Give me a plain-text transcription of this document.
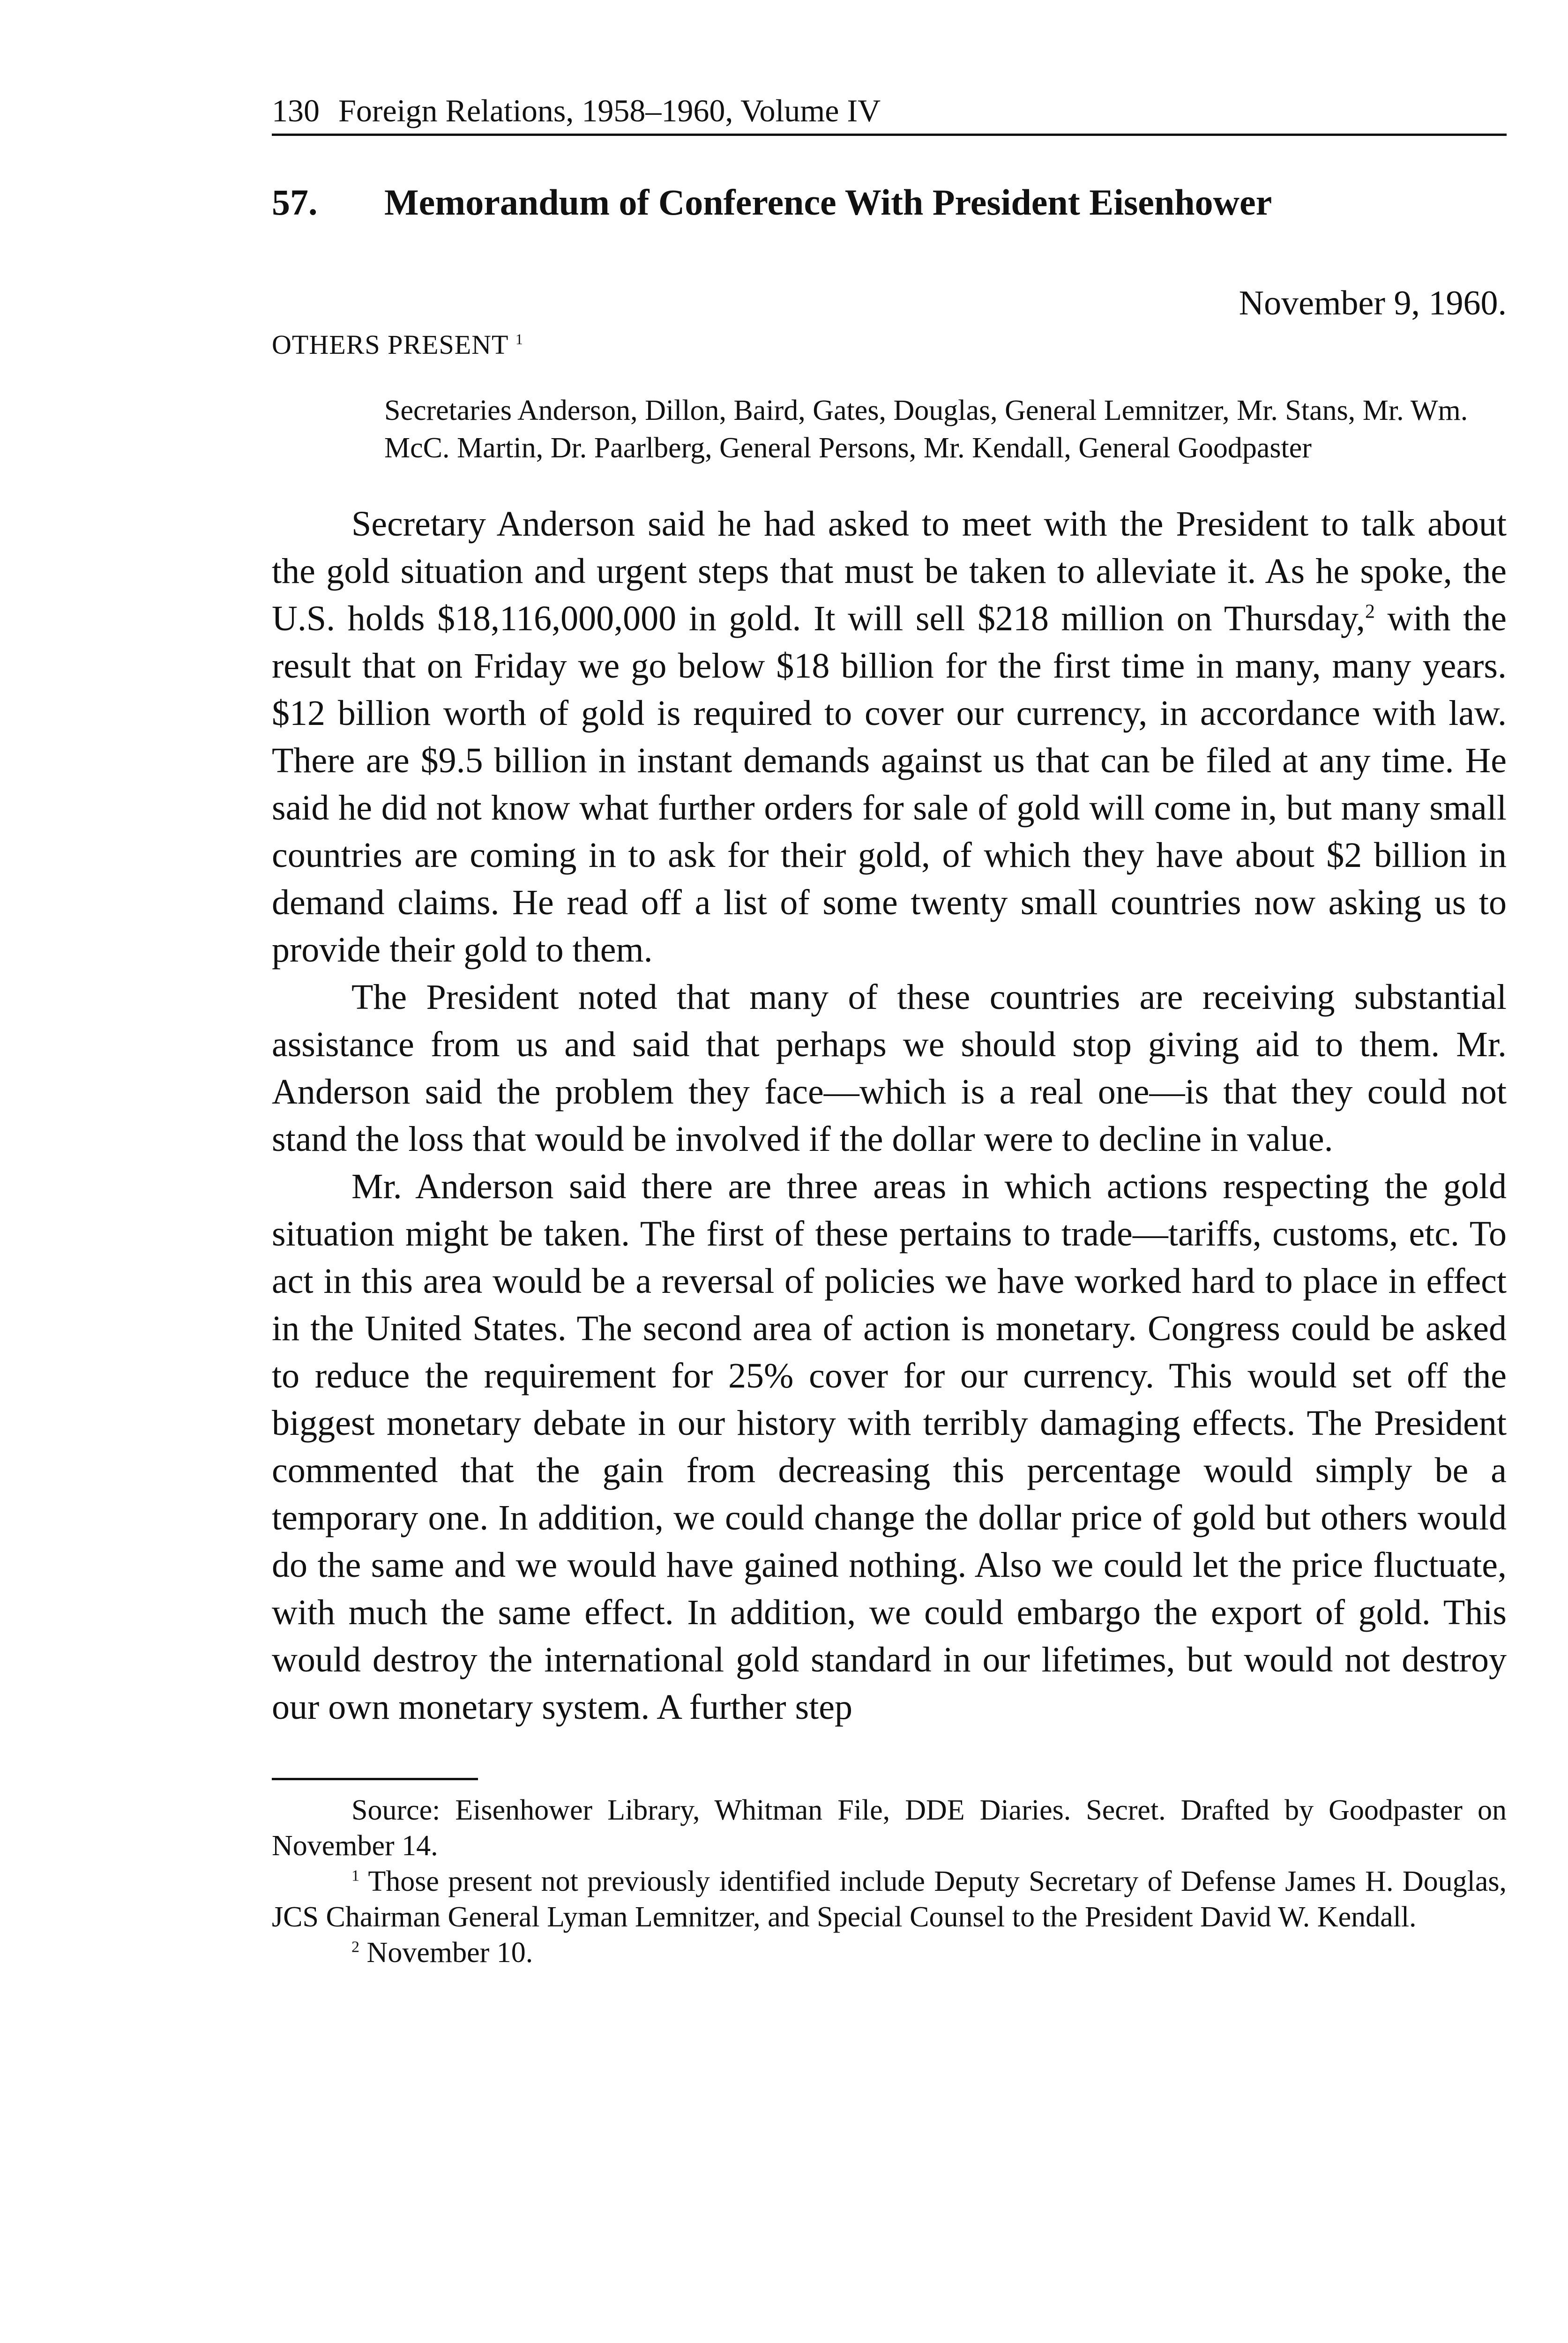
130 Foreign Relations, 1958–1960, Volume IV
57.	Memorandum of Conference With President Eisenhower
November 9, 1960.
OTHERS PRESENT $^1$
Secretaries Anderson, Dillon, Baird, Gates, Douglas, General Lemnitzer, Mr. Stans, Mr. Wm. McC. Martin, Dr. Paarlberg, General Persons, Mr. Kendall, General Goodpaster

Secretary Anderson said he had asked to meet with the President to talk about the gold situation and urgent steps that must be taken to alleviate it. As he spoke, the U.S. holds $18,116,000,000 in gold. It will sell $218 million on Thursday,$^2$ with the result that on Friday we go below $18 billion for the first time in many, many years. $12 billion worth of gold is required to cover our currency, in accordance with law. There are $9.5 billion in instant demands against us that can be filed at any time. He said he did not know what further orders for sale of gold will come in, but many small countries are coming in to ask for their gold, of which they have about $2 billion in demand claims. He read off a list of some twenty small countries now asking us to provide their gold to them.

The President noted that many of these countries are receiving substantial assistance from us and said that perhaps we should stop giving aid to them. Mr. Anderson said the problem they face—which is a real one—is that they could not stand the loss that would be involved if the dollar were to decline in value.

Mr. Anderson said there are three areas in which actions respecting the gold situation might be taken. The first of these pertains to trade—tariffs, customs, etc. To act in this area would be a reversal of policies we have worked hard to place in effect in the United States. The second area of action is monetary. Congress could be asked to reduce the requirement for 25% cover for our currency. This would set off the biggest monetary debate in our history with terribly damaging effects. The President commented that the gain from decreasing this percentage would simply be a temporary one. In addition, we could change the dollar price of gold but others would do the same and we would have gained nothing. Also we could let the price fluctuate, with much the same effect. In addition, we could embargo the export of gold. This would destroy the international gold standard in our lifetimes, but would not destroy our own monetary system. A further step

Source: Eisenhower Library, Whitman File, DDE Diaries. Secret. Drafted by Goodpaster on November 14.

$^1$ Those present not previously identified include Deputy Secretary of Defense James H. Douglas, JCS Chairman General Lyman Lemnitzer, and Special Counsel to the President David W. Kendall.

$^2$ November 10.
